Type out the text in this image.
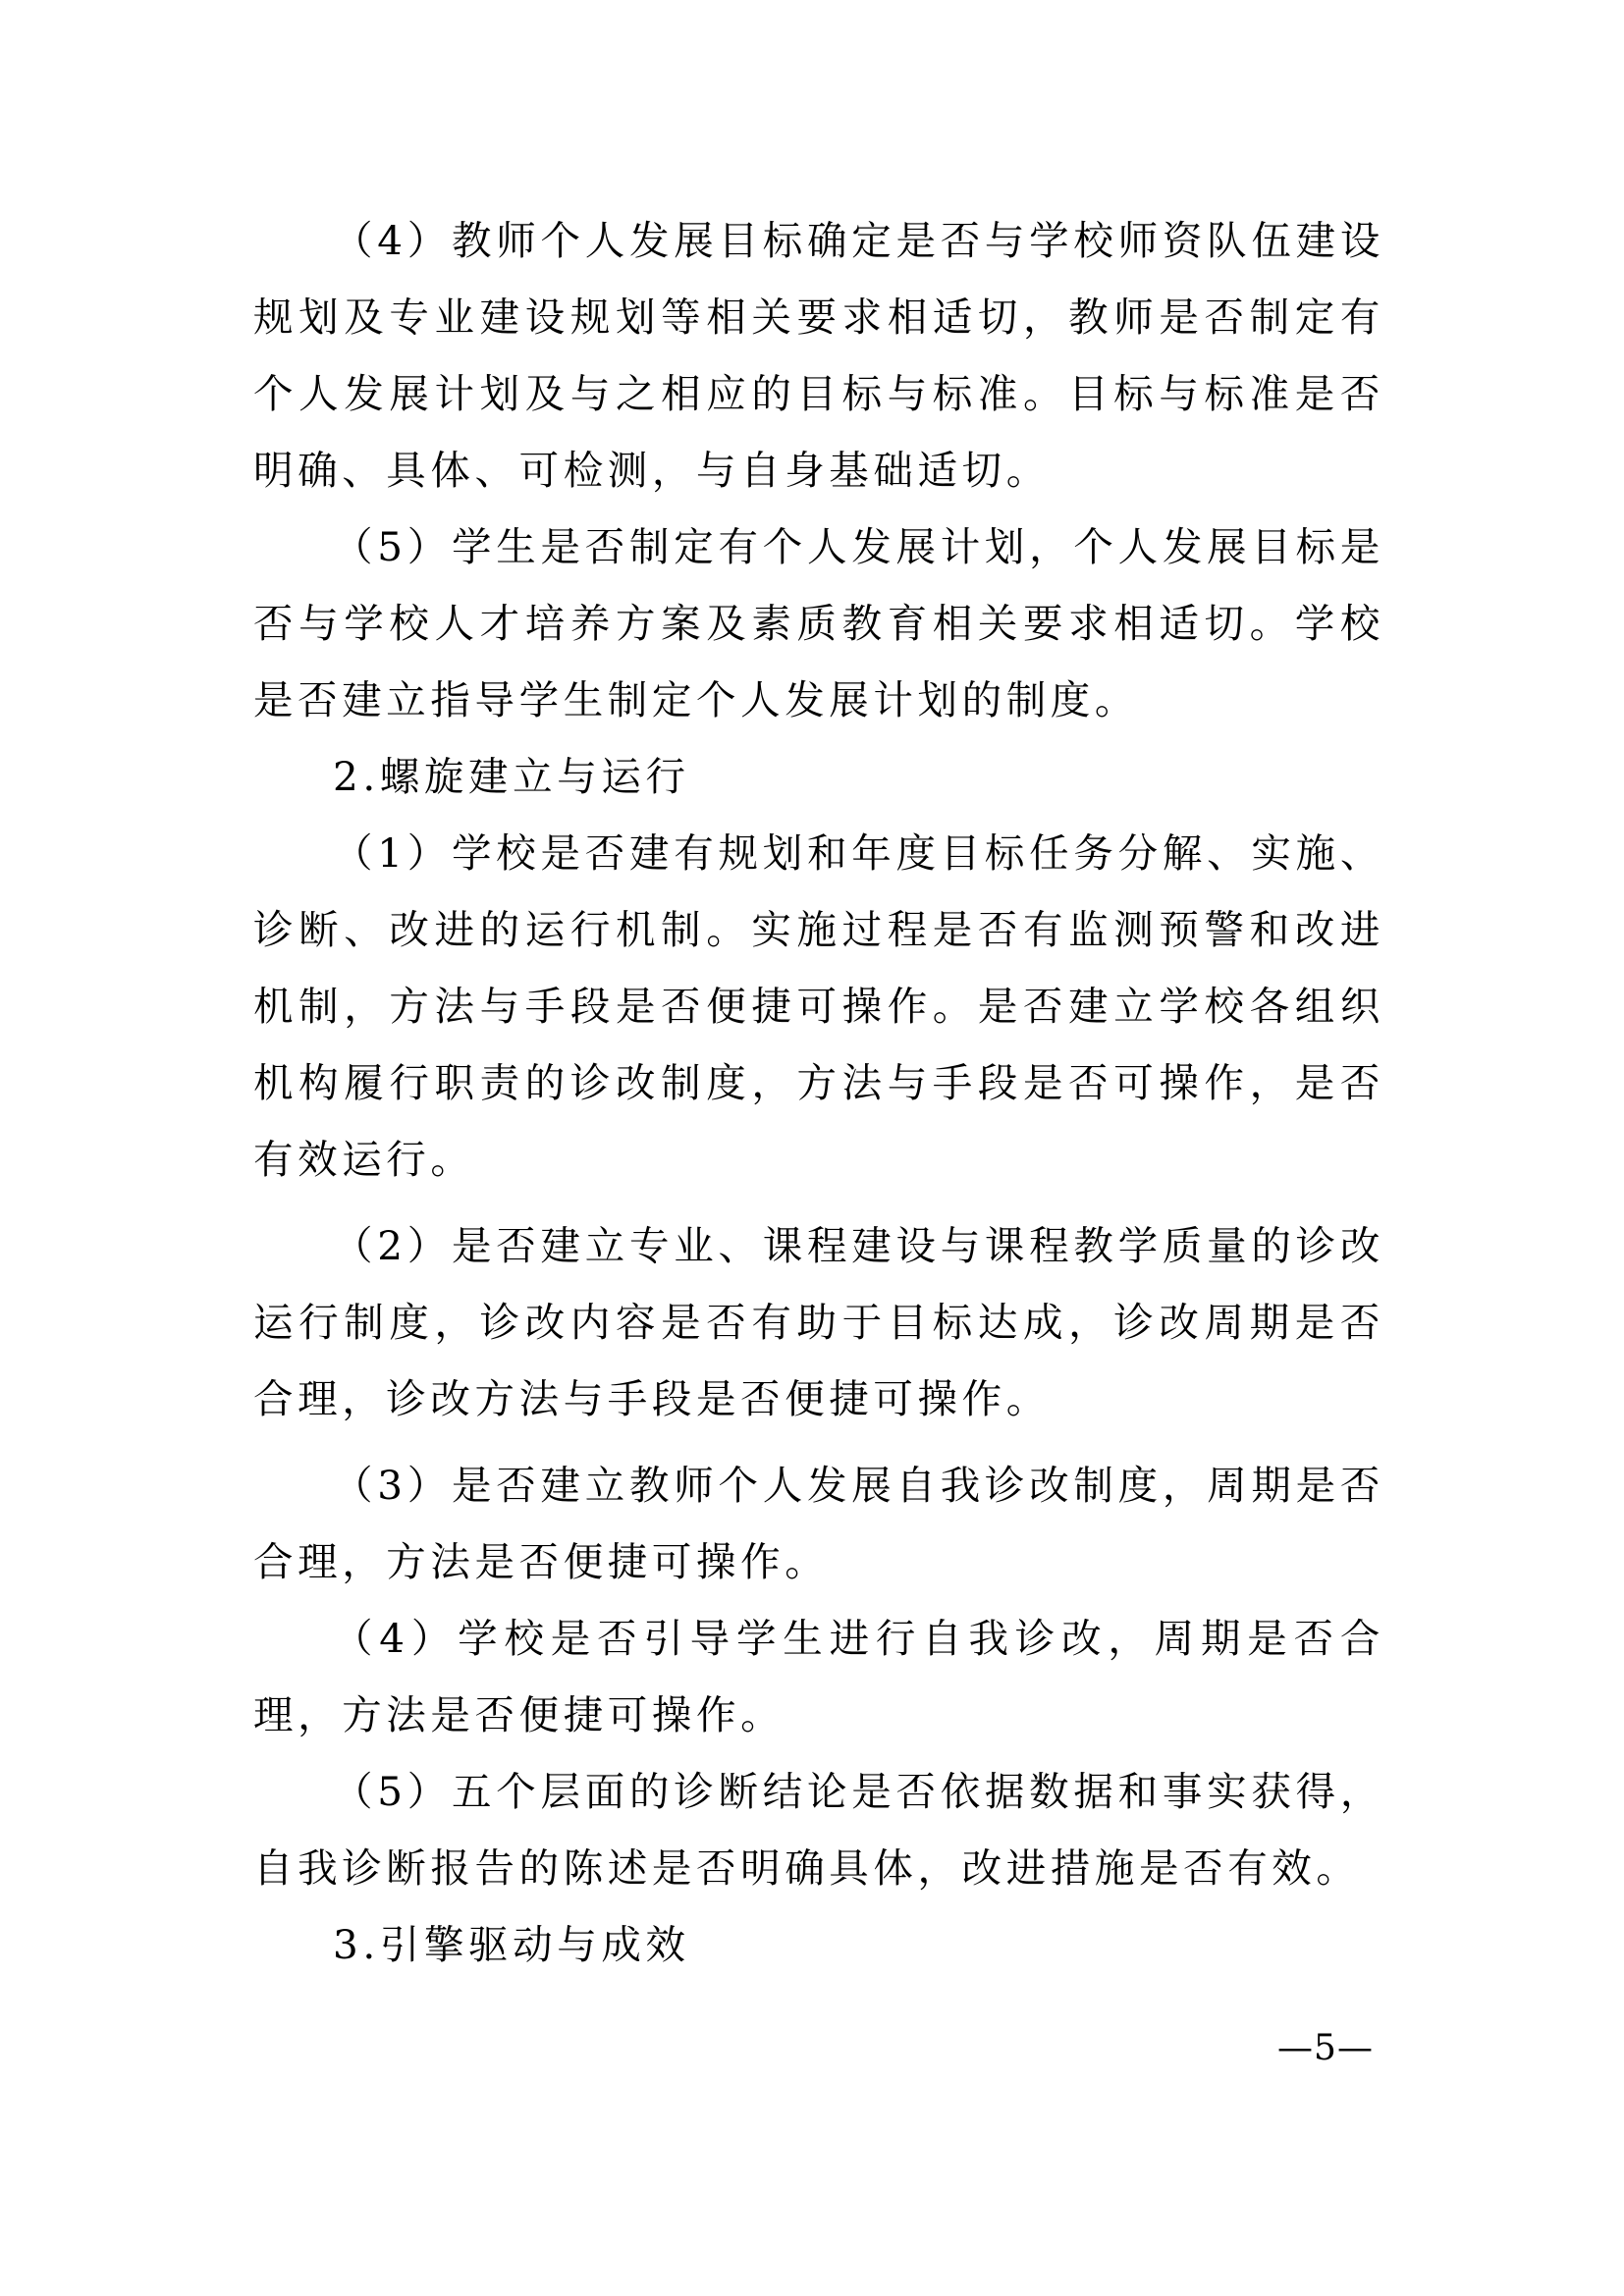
（4）教师个人发展目标确定是否与学校师资队伍建设规划及专业建设规划等相关要求相适切，教师是否制定有个人发展计划及与之相应的目标与标准。目标与标准是否明确、具体、可检测，与自身基础适切。

（5）学生是否制定有个人发展计划，个人发展目标是否与学校人才培养方案及素质教育相关要求相适切。学校是否建立指导学生制定个人发展计划的制度。

2.螺旋建立与运行

（1）学校是否建有规划和年度目标任务分解、实施、诊断、改进的运行机制。实施过程是否有监测预警和改进机制，方法与手段是否便捷可操作。是否建立学校各组织机构履行职责的诊改制度，方法与手段是否可操作，是否有效运行。

（2）是否建立专业、课程建设与课程教学质量的诊改运行制度，诊改内容是否有助于目标达成，诊改周期是否合理，诊改方法与手段是否便捷可操作。

（3）是否建立教师个人发展自我诊改制度，周期是否合理，方法是否便捷可操作。

（4）学校是否引导学生进行自我诊改，周期是否合理，方法是否便捷可操作。

（5）五个层面的诊断结论是否依据数据和事实获得，自我诊断报告的陈述是否明确具体，改进措施是否有效。

3.引擎驱动与成效

—5—
